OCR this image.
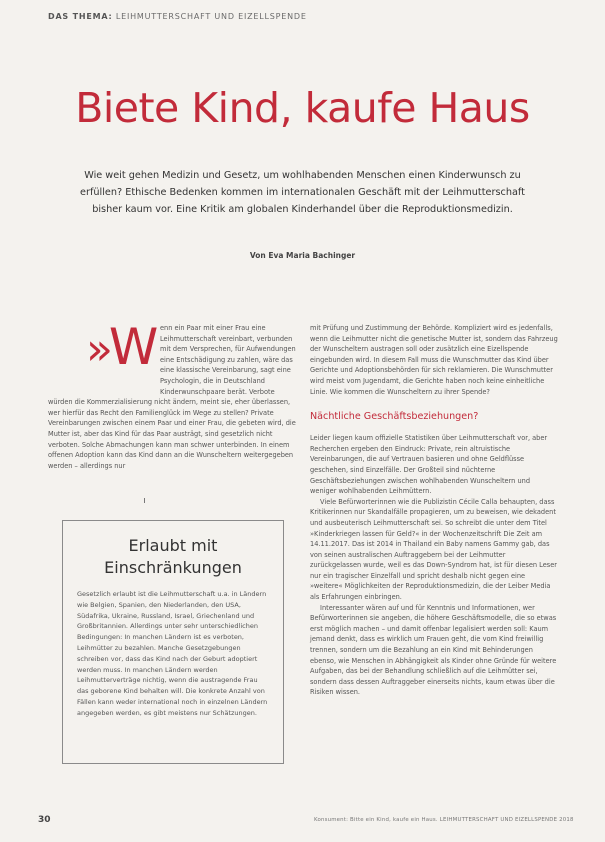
DAS THEMA: LEIHMUTTERSCHAFT UND EIZELLSPENDE
Biete Kind, kaufe Haus
Wie weit gehen Medizin und Gesetz, um wohlhabenden Menschen einen Kinderwunsch zu erfüllen? Ethische Bedenken kommen im internationalen Geschäft mit der Leihmutterschaft bisher kaum vor. Eine Kritik am globalen Kinderhandel über die Reproduktionsmedizin.
Von Eva Maria Bachinger
»W enn ein Paar mit einer Frau eine Leihmutterschaft vereinbart, verbunden mit dem Versprechen, für Aufwendungen eine Entschädigung zu zahlen, wäre das eine klassische Vereinbarung, sagt eine Psychologin, die in Deutschland Kinderwunschpaare berät. Verbote würden die Kommerzialisierung nicht ändern, meint sie, eher überlassen, wer hierfür das Recht den Familienglück im Wege zu stellen? Private Vereinbarungen zwischen einem Paar und einer Frau, die gebeten wird, die Mutter ist, aber das Kind für das Paar austrägt, sind gesetzlich nicht verboten. Solche Abmachungen kann man schwer unterbinden. In einem offenen Adoption kann das Kind dann an die Wunscheltern weitergegeben werden – allerdings nur
Erlaubt mit Einschränkungen
Gesetzlich erlaubt ist die Leihmutterschaft u.a. in Ländern wie Belgien, Spanien, den Niederlanden, den USA, Südafrika, Ukraine, Russland, Israel, Griechenland und Großbritannien. Allerdings unter sehr unterschiedlichen Bedingungen: In manchen Ländern ist es verboten, Leihmütter zu bezahlen. Manche Gesetzgebungen schreiben vor, dass das Kind nach der Geburt adoptiert werden muss. In manchen Ländern werden Leihmutterverträge nichtig, wenn die austragende Frau das geborene Kind behalten will. Die konkrete Anzahl von Fällen kann weder international noch in einzelnen Ländern angegeben werden, es gibt meistens nur Schätzungen.

mit Prüfung und Zustimmung der Behörde. Kompliziert wird es jedenfalls, wenn die Leihmutter nicht die genetische Mutter ist, sondern das Fahrzeug der Wunscheltern austragen soll oder zusätzlich eine Eizellspende eingebunden wird. In diesem Fall muss die Wunschmutter das Kind über Gerichte und Adoptionsbehörden für sich reklamieren. Die Wunschmutter wird meist vom Jugendamt, die Gerichte haben noch keine einheitliche Linie. Wie kommen die Wunscheltern zu ihrer Spende?

Nächtliche Geschäftsbeziehungen?

Leider liegen kaum offizielle Statistiken über Leihmutterschaft vor, aber Recherchen ergeben den Eindruck: Private, rein altruistische Vereinbarungen, die auf Vertrauen basieren und ohne Geldflüsse geschehen, sind Einzelfälle. Der Großteil sind nüchterne Geschäftsbeziehungen zwischen wohlhabenden Wunscheltern und weniger wohlhabenden Leihmüttern.

Viele Befürworterinnen wie die Publizistin Cécile Calla behaupten, dass Kritikerinnen nur Skandalfälle propagieren, um zu beweisen, wie dekadent und ausbeuterisch Leihmutterschaft sei. So schreibt die unter dem Titel »Kinderkriegen lassen für Geld?« in der Wochenzeitschrift Die Zeit am 14.11.2017. Das ist 2014 in Thailand ein Baby namens Gammy gab, das von seinen australischen Auftraggebern bei der Leihmutter zurückgelassen wurde, weil es das Down-Syndrom hat, ist für diesen Leser nur ein tragischer Einzelfall und spricht deshalb nicht gegen eine »weitere« Möglichkeiten der Reproduktionsmedizin, die der Leiber Media als Erfahrungen einbringen.

Interessanter wären auf und für Kenntnis und Informationen, wer Befürworterinnen sie angeben, die höhere Geschäftsmodelle, die so etwas erst möglich machen – und damit offenbar legalisiert werden soll: Kaum jemand denkt, dass es wirklich um Frauen geht, die vom Kind freiwillig trennen, sondern um die Bezahlung an ein Kind mit Behinderungen ebenso, wie Menschen in Abhängigkeit als Kinder ohne Gründe für weitere Aufgaben, das bei der Behandlung schließlich auf die Leihmütter sei, sondern dass dessen Auftraggeber einerseits nichts, kaum etwas über die Risiken wissen.

30	Konsument: Bitte ein Kind, kaufe ein Haus. LEIHMUTTERSCHAFT UND EIZELLSPENDE 2018
